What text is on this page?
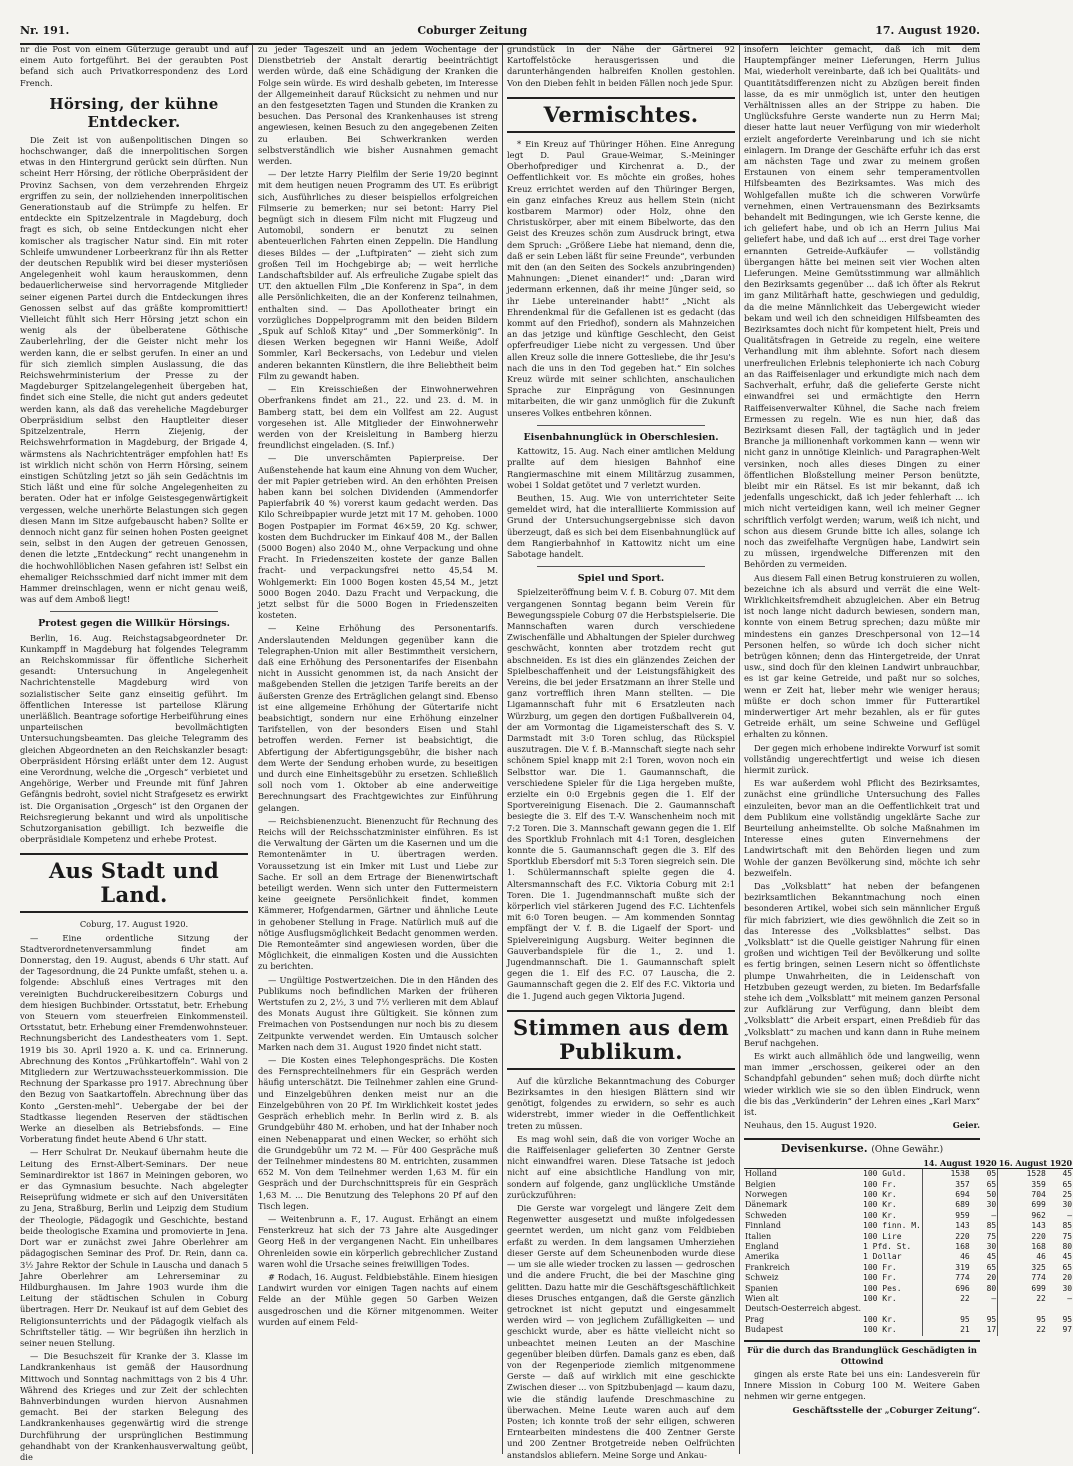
Nr. 191.	Coburger Zeitung	17. August 1920.

nr die Post von einem Güterzuge geraubt und auf einem Auto fortgeführt. Bei der geraubten Post befand sich auch Privatkorrespondenz des Lord French.

Hörsing, der kühne Entdecker.

Die Zeit ist von außenpolitischen Dingen so hochschwanger, daß die innerpolitischen Sorgen etwas in den Hintergrund gerückt sein dürften. Nun scheint Herr Hörsing, der rötliche Oberpräsident der Provinz Sachsen, von dem verzehrenden Ehrgeiz ergriffen zu sein, der nollziehenden innerpolitischen Generationstaub auf die Strümpfe zu helfen. Er entdeckte ein Spitzelzentrale in Magdeburg, doch fragt es sich, ob seine Entdeckungen nicht eher komischer als tragischer Natur sind. Ein mit roter Schleife umwundener Lorbeerkranz für ihn als Retter der deutschen Republik wird bei dieser mysteriösen Angelegenheit wohl kaum herauskommen, denn bedauerlicherweise sind hervorragende Mitglieder seiner eigenen Partei durch die Entdeckungen ihres Genossen selbst auf das gräßte kompromittiert! Vielleicht fühlt sich Herr Hörsing jetzt schon ein wenig als der übelberatene Göthische Zauberlehrling, der die Geister nicht mehr los werden kann, die er selbst gerufen. In einer an und für sich ziemlich simplen Auslassung, die das Reichswehrministerium der Presse zu der Magdeburger Spitzelangelegenheit übergeben hat, findet sich eine Stelle, die nicht gut anders gedeutet werden kann, als daß das vereheliche Magdeburger Oberpräsidium selbst den Hauptleiter dieser Spitzelzentrale, Herrn Ziejenig, der Reichswehrformation in Magdeburg, der Brigade 4, wärmstens als Nachrichtenträger empfohlen hat! Es ist wirklich nicht schön von Herrn Hörsing, seinem einstigen Schützling jetzt so jäh sein Gedächtnis im Stich läßt und eine für solche Angelegenheiten zu beraten. Oder hat er infolge Geistesgegenwärtigkeit vergessen, welche unerhörte Belastungen sich gegen diesen Mann im Sitze aufgebauscht haben? Sollte er dennoch nicht ganz für seinen hohen Posten geeignet sein, selbst in den Augen der getreuen Genossen, denen die letzte „Entdeckung“ recht unangenehm in die hochwohllöblichen Nasen gefahren ist! Selbst ein ehemaliger Reichsschmied darf nicht immer mit dem Hammer dreinschlagen, wenn er nicht genau weiß, was auf dem Amboß liegt!

Protest gegen die Willkür Hörsings.

Berlin, 16. Aug. Reichstagsabgeordneter Dr. Kunkampff in Magdeburg hat folgendes Telegramm an Reichskommissar für öffentliche Sicherheit gesandt: Untersuchung in Angelegenheit Nachrichtenstelle Magdeburg wird von sozialistischer Seite ganz einseitig geführt. Im öffentlichen Interesse ist parteilose Klärung unerläßlich. Beantrage sofortige Herbeiführung eines unparteiischen bevollmächtigten Untersuchungsbeamten. Das gleiche Telegramm des gleichen Abgeordneten an den Reichskanzler besagt: Oberpräsident Hörsing erläßt unter dem 12. August eine Verordnung, welche die „Orgesch“ verbietet und Angehörige, Werber und Freunde mit fünf Jahren Gefängnis bedroht, soviel nicht Strafgesetz es erwirkt ist. Die Organisation „Orgesch“ ist den Organen der Reichsregierung bekannt und wird als unpolitische Schutzorganisation gebilligt. Ich bezweifle die oberpräsidiale Kompetenz und erhebe Protest.

Aus Stadt und Land.

Coburg, 17. August 1920.

— Eine ordentliche Sitzung der Stadtverordnetenversammlung findet am Donnerstag, den 19. August, abends 6 Uhr statt. Auf der Tagesordnung, die 24 Punkte umfaßt, stehen u. a. folgende: Abschluß eines Vertrages mit den vereinigten Buchdruckereibesitzern Coburgs und dem hiesigen Buchbinder. Ortsstatut, betr. Erhebung von Steuern vom steuerfreien Einkommensteil. Ortsstatut, betr. Erhebung einer Fremdenwohnsteuer. Rechnungsbericht des Landestheaters vom 1. Sept. 1919 bis 30. April 1920 a. K. und ca. Erinnerung. Abrechnung des Kontos „Frühkartoffeln“. Wahl von 2 Mitgliedern zur Wertzuwachssteuerkommission. Die Rechnung der Sparkasse pro 1917. Abrechnung über den Bezug von Saatkartoffeln. Abrechnung über das Konto „Gersten-mehl“. Uebergabe der bei der Stadtkasse liegenden Reserven der städtischen Werke an dieselben als Betriebsfonds. — Eine Vorberatung findet heute Abend 6 Uhr statt.

— Herr Schulrat Dr. Neukauf übernahm heute die Leitung des Ernst-Albert-Seminars. Der neue Seminardirektor ist 1867 in Meiningen geboren, wo er das Gymnasium besuchte. Nach abgelegter Reiseprüfung widmete er sich auf den Universitäten zu Jena, Straßburg, Berlin und Leipzig dem Studium der Theologie, Pädagogik und Geschichte, bestand beide theologische Examina und promovierte in Jena. Dort war er zunächst zwei Jahre Oberlehrer am pädagogischen Seminar des Prof. Dr. Rein, dann ca. 3½ Jahre Rektor der Schule in Lauscha und danach 5 Jahre Oberlehrer am Lehrerseminar zu Hildburghausen. Im Jahre 1903 wurde ihm die Leitung der städtischen Schulen in Coburg übertragen. Herr Dr. Neukauf ist auf dem Gebiet des Religionsunterrichts und der Pädagogik vielfach als Schriftsteller tätig. — Wir begrüßen ihn herzlich in seiner neuen Stellung.

— Die Besuchszeit für Kranke der 3. Klasse im Landkrankenhaus ist gemäß der Hausordnung Mittwoch und Sonntag nachmittags von 2 bis 4 Uhr. Während des Krieges und zur Zeit der schlechten Bahnverbindungen wurden hiervon Ausnahmen gemacht. Bei der starken Belegung des Landkrankenhauses gegenwärtig wird die strenge Durchführung der ursprünglichen Bestimmung gehandhabt von der Krankenhausverwaltung geübt, die

zu jeder Tageszeit und an jedem Wochentage der Dienstbetrieb der Anstalt derartig beeinträchtigt werden würde, daß eine Schädigung der Kranken die Folge sein würde. Es wird deshalb gebeten, im Interesse der Allgemeinheit darauf Rücksicht zu nehmen und nur an den festgesetzten Tagen und Stunden die Kranken zu besuchen. Das Personal des Krankenhauses ist streng angewiesen, keinen Besuch zu den angegebenen Zeiten zu erlauben. Bei Schwerkranken werden selbstverständlich wie bisher Ausnahmen gemacht werden.

— Der letzte Harry Pielfilm der Serie 19/20 beginnt mit dem heutigen neuen Programm des UT. Es erübrigt sich, Ausführliches zu dieser beispiellos erfolgreichen Filmserie zu bemerken; nur sei betont: Harry Piel begnügt sich in diesem Film nicht mit Flugzeug und Automobil, sondern er benutzt zu seinen abenteuerlichen Fahrten einen Zeppelin. Die Handlung dieses Bildes — der „Luftpiraten“ — zieht sich zum großen Teil im Hochgebirge ab; — weit herrliche Landschaftsbilder auf. Als erfreuliche Zugabe spielt das UT. den aktuellen Film „Die Konferenz in Spa“, in dem alle Persönlichkeiten, die an der Konferenz teilnahmen, enthalten sind. — Das Apollotheater bringt ein vorzügliches Doppelprogramm mit den beiden Bildern „Spuk auf Schloß Kitay“ und „Der Sommerkönig“. In diesen Werken begegnen wir Hanni Weiße, Adolf Sommler, Karl Beckersachs, von Ledebur und vielen anderen bekannten Künstlern, die ihre Beliebtheit beim Film zu gewandt haben.

— Ein Kreisschießen der Einwohnerwehren Oberfrankens findet am 21., 22. und 23. d. M. in Bamberg statt, bei dem ein Vollfest am 22. August vorgesehen ist. Alle Mitglieder der Einwohnerwehr werden von der Kreisleitung in Bamberg hierzu freundlichst eingeladen. (S. Inf.)

— Die unverschämten Papierpreise. Der Außenstehende hat kaum eine Ahnung von dem Wucher, der mit Papier getrieben wird. An den erhöhten Preisen haben kann bei solchen Dividenden (Ammendorfer Papierfabrik 40 %) vorerst kaum gedacht werden. Das Kilo Schreibpapier wurde jetzt mit 17 M. gehoben. 1000 Bogen Postpapier im Format 46×59, 20 Kg. schwer, kosten dem Buchdrucker im Einkauf 408 M., der Ballen (5000 Bogen) also 2040 M., ohne Verpackung und ohne Fracht. In Friedenszeiten kostete der ganze Ballen fracht- und verpackungsfrei netto 45,54 M. Wohlgemerkt: Ein 1000 Bogen kosten 45,54 M., jetzt 5000 Bogen 2040. Dazu Fracht und Verpackung, die jetzt selbst für die 5000 Bogen in Friedenszeiten kosteten.

— Keine Erhöhung des Personentarifs. Anderslautenden Meldungen gegenüber kann die Telegraphen-Union mit aller Bestimmtheit versichern, daß eine Erhöhung des Personentarifes der Eisenbahn nicht in Aussicht genommen ist, da nach Ansicht der maßgebenden Stellen die jetzigen Tarife bereits an der äußersten Grenze des Erträglichen gelangt sind. Ebenso ist eine allgemeine Erhöhung der Gütertarife nicht beabsichtigt, sondern nur eine Erhöhung einzelner Tarifstellen, von der besonders Eisen und Stahl betroffen werden. Ferner ist beabsichtigt, die Abfertigung der Abfertigungsgebühr, die bisher nach dem Werte der Sendung erhoben wurde, zu beseitigen und durch eine Einheitsgebühr zu ersetzen. Schließlich soll noch vom 1. Oktober ab eine anderweitige Berechnungsart des Frachtgewichtes zur Einführung gelangen.

— Reichsbienenzucht. Bienenzucht für Rechnung des Reichs will der Reichsschatzminister einführen. Es ist die Verwaltung der Gärten um die Kasernen und um die Remontenämter in U. übertragen werden. Voraussetzung ist ein Imker mit Lust und Liebe zur Sache. Er soll an dem Ertrage der Bienenwirtschaft beteiligt werden. Wenn sich unter den Futtermeistern keine geeignete Persönlichkeit findet, kommen Kämmerer, Hofgendarmen, Gärtner und ähnliche Leute in gehobener Stellung in Frage. Natürlich muß auf die nötige Ausflugsmöglichkeit Bedacht genommen werden. Die Remonteämter sind angewiesen worden, über die Möglichkeit, die einmaligen Kosten und die Aussichten zu berichten.

— Ungültige Postwertzeichen. Die in den Händen des Publikums noch befindlichen Marken der früheren Wertstufen zu 2, 2½, 3 und 7½ verlieren mit dem Ablauf des Monats August ihre Gültigkeit. Sie können zum Freimachen von Postsendungen nur noch bis zu diesem Zeitpunkte verwendet werden. Ein Umtausch solcher Marken nach dem 31. August 1920 findet nicht statt.

— Die Kosten eines Telephongesprächs. Die Kosten des Fernsprechteilnehmers für ein Gespräch werden häufig unterschätzt. Die Teilnehmer zahlen eine Grund- und Einzelgebühren denken meist nur an die Einzelgebühren von 20 Pf. Im Wirklichkeit kostet jedes Gespräch erheblich mehr. In Berlin wird z. B. als Grundgebühr 480 M. erhoben, und hat der Inhaber noch einen Nebenapparat und einen Wecker, so erhöht sich die Grundgebühr um 72 M. — Für 400 Gespräche muß der Teilnehmer mindestens 80 M. entrichten, zusammen 652 M. Von dem Teilnehmer werden 1,63 M. für ein Gespräch und der Durchschnittspreis für ein Gespräch 1,63 M. ... Die Benutzung des Telephons 20 Pf auf den Tisch legen.

— Weitenbrunn a. F., 17. August. Erhängt an einem Fensterkreuz hat sich der 73 Jahre alte Ausgedinger Georg Heß in der vergangenen Nacht. Ein unheilbares Ohrenleiden sowie ein körperlich gebrechlicher Zustand waren wohl die Ursache seines freiwilligen Todes.

# Rodach, 16. August. Feldbiebstähle. Einem hiesigen Landwirt wurden vor einigen Tagen nachts auf einem Felde an der Mühle gegen 50 Garben Weizen ausgedroschen und die Körner mitgenommen. Weiter wurden auf einem Feld-

grundstück in der Nähe der Gärtnerei 92 Kartoffelstöcke herausgerissen und die darunterhängenden halbreifen Knollen gestohlen. Von den Dieben fehlt in beiden Fällen noch jede Spur.

Vermischtes.

* Ein Kreuz auf Thüringer Höhen. Eine Anregung legt D. Paul Graue-Weimar, S.-Meininger Oberhofprediger und Kirchenrat a. D., der Oeffentlichkeit vor. Es möchte ein großes, hohes Kreuz errichtet werden auf den Thüringer Bergen, ein ganz einfaches Kreuz aus hellem Stein (nicht kostbarem Marmor) oder Holz, ohne den Christuskörper, aber mit einem Bibelworte, das den Geist des Kreuzes schön zum Ausdruck bringt, etwa dem Spruch: „Größere Liebe hat niemand, denn die, daß er sein Leben läßt für seine Freunde“, verbunden mit den (an den Seiten des Sockels anzubringenden) Mahnungen: „Dienet einander!“ und: „Daran wird jedermann erkennen, daß ihr meine Jünger seid, so ihr Liebe untereinander habt!“ „Nicht als Ehrendenkmal für die Gefallenen ist es gedacht (das kommt auf den Friedhof), sondern als Mahnzeichen an das jetzige und künftige Geschlecht, den Geist opferfreudiger Liebe nicht zu vergessen. Und über allen Kreuz solle die innere Gottesliebe, die ihr Jesu's nach die uns in den Tod gegeben hat.“ Ein solches Kreuz würde mit seiner schlichten, anschaulichen Sprache zur Einprägung von Gesinnungen mitarbeiten, die wir ganz unmöglich für die Zukunft unseres Volkes entbehren können.

Eisenbahnunglück in Oberschlesien.

Kattowitz, 15. Aug. Nach einer amtlichen Meldung prallte auf dem hiesigen Bahnhof eine Rangiermaschine mit einem Militärzug zusammen, wobei 1 Soldat getötet und 7 verletzt wurden.

Beuthen, 15. Aug. Wie von unterrichteter Seite gemeldet wird, hat die interalliierte Kommission auf Grund der Untersuchungsergebnisse sich davon überzeugt, daß es sich bei dem Eisenbahnunglück auf dem Rangierbahnhof in Kattowitz nicht um eine Sabotage handelt.

Spiel und Sport.

Spielzeiteröffnung beim V. f. B. Coburg 07. Mit dem vergangenen Sonntag begann beim Verein für Bewegungsspiele Coburg 07 die Herbstspielserie. Die Mannschaften waren durch verschiedene Zwischenfälle und Abhaltungen der Spieler durchweg geschwächt, konnten aber trotzdem recht gut abschneiden. Es ist dies ein glänzendes Zeichen der Spielbeschaffenheit und der Leistungsfähigkeit des Vereins, die bei jeder Ersatzmann an ihrer Stelle und ganz vortrefflich ihren Mann stellten. — Die Ligamannschaft fuhr mit 6 Ersatzleuten nach Würzburg, um gegen den dortigen Fußballverein 04, der am Vormontag die Ligameisterschaft des S. V. Darmstadt mit 3:0 Toren schlug, das Rückspiel auszutragen. Die V. f. B.-Mannschaft siegte nach sehr schönem Spiel knapp mit 2:1 Toren, wovon noch ein Selbsttor war. Die 1. Gaumannschaft, die verschiedene Spieler für die Liga hergeben mußte, erzielte ein 0:0 Ergebnis gegen die 1. Elf der Sportvereinigung Eisenach. Die 2. Gaumannschaft besiegte die 3. Elf des T.-V. Wanschenheim noch mit 7:2 Toren. Die 3. Mannschaft gewann gegen die 1. Elf des Sportklub Frohnlach mit 4:1 Toren, desgleichen konnte die 5. Gaumannschaft gegen die 3. Elf des Sportklub Ebersdorf mit 5:3 Toren siegreich sein. Die 1. Schülermannschaft spielte gegen die 4. Altersmannschaft des F.C. Viktoria Coburg mit 2:1 Toren. Die 1. Jugendmannschaft mußte sich der körperlich viel stärkeren Jugend des F.C. Lichtenfels mit 6:0 Toren beugen. — Am kommenden Sonntag empfängt der V. f. B. die Ligaelf der Sport- und Spielvereinigung Augsburg. Weiter beginnen die Gauverbandspiele für die 1., 2. und 1. Jugendmannschaft. Die 1. Gaumannschaft spielt gegen die 1. Elf des F.C. 07 Lauscha, die 2. Gaumannschaft gegen die 2. Elf des F.C. Viktoria und die 1. Jugend auch gegen Viktoria Jugend.

Stimmen aus dem Publikum.

Auf die kürzliche Bekanntmachung des Coburger Bezirksamtes in den hiesigen Blättern sind wir genötigt, folgendes zu erwidern, so sehr es auch widerstrebt, immer wieder in die Oeffentlichkeit treten zu müssen.

Es mag wohl sein, daß die von voriger Woche an die Raiffeisenlager gelieferten 30 Zentner Gerste nicht einwandfrei waren. Diese Tatsache ist jedoch nicht auf eine absichtliche Handlung von mir, sondern auf folgende, ganz unglückliche Umstände zurückzuführen:

Die Gerste war vorgelegt und längere Zeit dem Regenwetter ausgesetzt und mußte infolgedessen geerntet werden, um nicht ganz vom Feldbieben erfaßt zu werden. In dem langsamen Umherziehen dieser Gerste auf dem Scheunenboden wurde diese — um sie alle wieder trocken zu lassen — gedroschen und die andere Frucht, die bei der Maschine ging gelitten. Dazu hatte mir die Geschäftsgeschäftlichkeit dieses Drusches entgangen, daß die Gerste gänzlich getrocknet ist nicht geputzt und eingesammelt werden wird — von jeglichem Zufälligkeiten — und geschickt wurde, aber es hätte vielleicht nicht so unbeachtet meinen Leuten an der Maschine gegenüber bleiben dürfen. Damals ganz es eben, daß von der Regenperiode ziemlich mitgenommene Gerste — daß auf wirklich mit eine geschickte Zwischen dieser ... von Spitzbubenjagd — kaum dazu, wie die ständig laufende Dreschmaschine zu überwachen. Meine Leute waren auch auf dem Posten; ich konnte troß der sehr eiligen, schweren Erntearbeiten mindestens die 400 Zentner Gerste und 200 Zentner Brotgetreide neben Oelfrüchten anstandslos abliefern. Meine Sorge und Ankau-

insofern leichter gemacht, daß ich mit dem Hauptempfänger meiner Lieferungen, Herrn Julius Mai, wiederholt vereinbarte, daß ich bei Qualitäts- und Quantitätsdifferenzen nicht zu Abzügen bereit finden lasse, da es mir unmöglich ist, unter den heutigen Verhältnissen alles an der Strippe zu haben. Die Unglücksfuhre Gerste wanderte nun zu Herrn Mai; dieser hatte laut neuer Verfügung von mir wiederholt erzielt angeforderte Vereinbarung und ich sie nicht einlagern. Im Drange der Geschäfte erfuhr ich das erst am nächsten Tage und zwar zu meinem großen Erstaunen von einem sehr temperamentvollen Hilfsbeamten des Bezirksamtes. Was mich des Wohlgefallen mußte ich die schweren Vorwürfe vernehmen, einen Vertrauensmann des Bezirksamts behandelt mit Bedingungen, wie ich Gerste kenne, die ich geliefert habe, und ob ich an Herrn Julius Mai geliefert habe, und daß ich auf ... erst drei Tage vorher ernannten Getreide-Aufkäufer — vollständig übergangen hätte bei meinen seit vier Wochen alten Lieferungen. Meine Gemütsstimmung war allmählich den Bezirksamts gegenüber ... daß ich öfter als Rekrut im ganz Militärhaft hatte, geschwiegen und geduldig, da die meine Männlichkeit das Uebergewicht wieder bekam und weil ich den schneidigen Hilfsbeamten des Bezirksamtes doch nicht für kompetent hielt, Preis und Qualitätsfragen in Getreide zu regeln, eine weitere Verhandlung mit ihm ablehnte. Sofort nach diesem unerfreulichen Erlebnis telephonierte ich nach Coburg an das Raiffeisenlager und erkundigte mich nach dem Sachverhalt, erfuhr, daß die gelieferte Gerste nicht einwandfrei sei und ermächtigte den Herrn Raiffeisenverwalter Kühnel, die Sache nach freiem Ermessen zu regeln. Wie es nun hier, daß das Bezirksamt diesen Fall, der tagtäglich und in jeder Branche ja millionenhaft vorkommen kann — wenn wir nicht ganz in unnötige Kleinlich- und Paragraphen-Welt versinken, noch alles dieses Dingen zu einer öffentlichen Bloßstellung meiner Person benützte, bleibt mir ein Rätsel. Es ist mir bekannt, daß ich jedenfalls ungeschickt, daß ich jeder fehlerhaft ... ich mich nicht verteidigen kann, weil ich meiner Gegner schriftlich verfolgt werden; warum, weiß ich nicht, und schon aus diesem Grunde bitte ich alles, solange ich noch das zweifelhafte Vergnügen habe, Landwirt sein zu müssen, irgendwelche Differenzen mit den Behörden zu vermeiden.

Aus diesem Fall einen Betrug konstruieren zu wollen, bezeichne ich als absurd und verrät die eine Welt-Wirklichkeitsfremdheit abzugleichen. Aber ein Betrug ist noch lange nicht dadurch bewiesen, sondern man, konnte von einem Betrug sprechen; dazu müßte mir mindestens ein ganzes Dreschpersonal von 12—14 Personen helfen, so würde ich doch sicher nicht betrügen können; denn das Hintergetreide, der Unrat usw., sind doch für den kleinen Landwirt unbrauchbar, es ist gar keine Getreide, und paßt nur so solches, wenn er Zeit hat, lieber mehr wie weniger heraus; müßte er doch schon immer für Futterartikel minderwertiger Art mehr bezahlen, als er für gutes Getreide erhält, um seine Schweine und Geflügel erhalten zu können.

Der gegen mich erhobene indirekte Vorwurf ist somit vollständig ungerechtfertigt und weise ich diesen hiermit zurück.

Es war außerdem wohl Pflicht des Bezirksamtes, zunächst eine gründliche Untersuchung des Falles einzuleiten, bevor man an die Oeffentlichkeit trat und dem Publikum eine vollständig ungeklärte Sache zur Beurteilung anheimstellte. Ob solche Maßnahmen im Interesse eines guten Einvernehmens der Landwirtschaft mit den Behörden liegen und zum Wohle der ganzen Bevölkerung sind, möchte ich sehr bezweifeln.

Das „Volksblatt“ hat neben der befangenen bezirksamtlichen Bekanntmachung noch einen besonderen Artikel, wobei sich sein männlicher Erguß für mich fabriziert, wie dies gewöhnlich die Zeit so in das Interesse des „Volksblattes“ selbst. Das „Volksblatt“ ist die Quelle geistiger Nahrung für einen großen und wichtigen Teil der Bevölkerung und sollte es fertig bringen, seinen Lesern nicht so öffentlichste plumpe Unwahrheiten, die in Leidenschaft von Hetzbuben gezeugt werden, zu bieten. Im Bedarfsfalle stehe ich dem „Volksblatt“ mit meinem ganzen Personal zur Aufklärung zur Verfügung, dann bleibt dem „Volksblatt“ die Arbeit erspart, einen Preßdieb für das „Volksblatt“ zu machen und kann dann in Ruhe meinem Beruf nachgehen.

Es wirkt auch allmählich öde und langweilig, wenn man immer „erschossen, geikerei oder an den Schandpfahl gebunden“ sehen muß; doch dürfte nicht wieder wirklich wie sie so den üblen Eindruck, wenn die bis das „Verkünderin“ der Lehren eines „Karl Marx“ ist.

Neuhaus, den 15. August 1920.	Geier.

Devisenkurse. (Ohne Gewähr.)
		14. August 1920		16. August 1920	
Holland	100 Guld.	1538	05	1528	45
Belgien	100 Fr.	357	65	359	65
Norwegen	100 Kr.	694	50	704	25
Dänemark	100 Kr.	689	30	699	30
Schweden	100 Kr.	959	—	962	—
Finnland	100 finn. M.	143	85	143	85
Italien	100 Lire	220	75	220	75
England	1 Pfd. St.	168	30	168	80
Amerika	1 Dollar	46	45	46	45
Frankreich	100 Fr.	319	65	325	65
Schweiz	100 Fr.	774	20	774	20
Spanien	100 Pes.	696	80	699	30
Wien alt	100 Kr.	22	—	22	—
Deutsch-Oesterreich abgest.					
Prag	100 Kr.	95	95	95	95
Budapest	100 Kr.	21	17	22	97

Für die durch das Brandunglück Geschädigten in Ottowind

gingen als erste Rate bei uns ein: Landesverein für Innere Mission in Coburg 100 M. Weitere Gaben nehmen wir gerne entgegen.

Geschäftsstelle der „Coburger Zeitung“.
